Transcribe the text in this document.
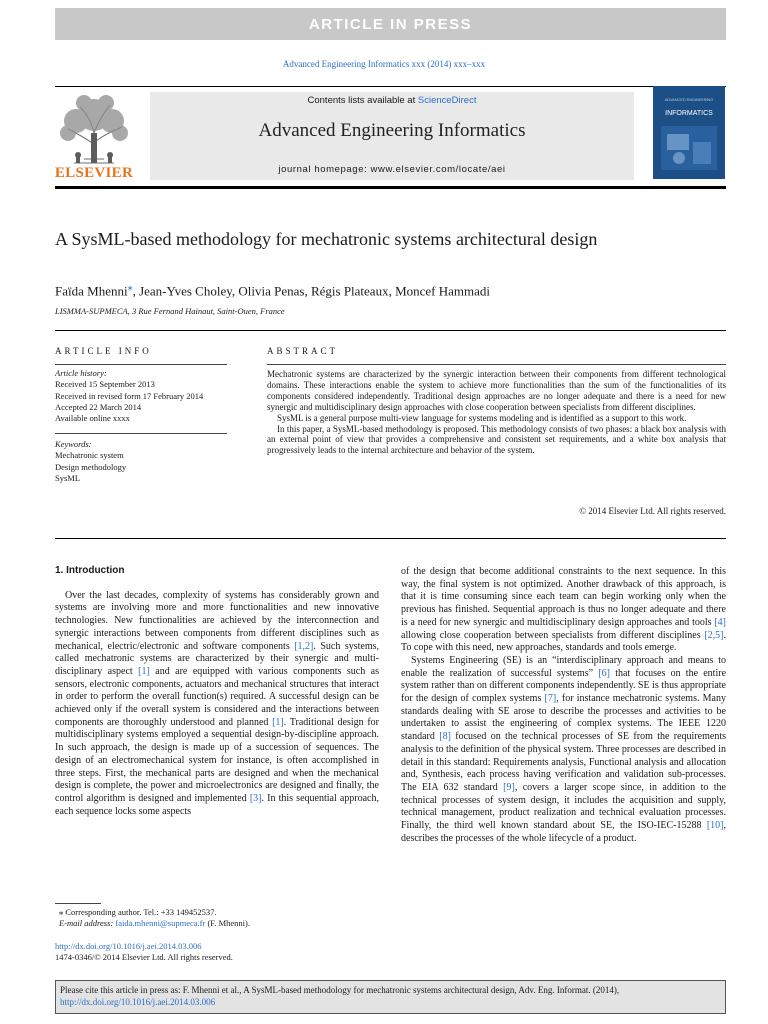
ARTICLE IN PRESS
Advanced Engineering Informatics xxx (2014) xxx–xxx
ELSEVIER
Contents lists available at ScienceDirect
Advanced Engineering Informatics
journal homepage: www.elsevier.com/locate/aei
ADVANCED ENGINEERING
INFORMATICS
A SysML-based methodology for mechatronic systems architectural design
Faïda Mhenni⁎, Jean-Yves Choley, Olivia Penas, Régis Plateaux, Moncef Hammadi
LISMMA-SUPMECA, 3 Rue Fernand Hainaut, Saint-Ouen, France
ARTICLE INFO
Article history:
Received 15 September 2013
Received in revised form 17 February 2014
Accepted 22 March 2014
Available online xxxx
Keywords:
Mechatronic system
Design methodology
SysML
ABSTRACT

Mechatronic systems are characterized by the synergic interaction between their components from different technological domains. These interactions enable the system to achieve more functionalities than the sum of the functionalities of its components considered independently. Traditional design approaches are no longer adequate and there is a need for new synergic and multidisciplinary design approaches with close cooperation between specialists from different disciplines.

SysML is a general purpose multi-view language for systems modeling and is identified as a support to this work.

In this paper, a SysML-based methodology is proposed. This methodology consists of two phases: a black box analysis with an external point of view that provides a comprehensive and consistent set requirements, and a white box analysis that progressively leads to the internal architecture and behavior of the system.

© 2014 Elsevier Ltd. All rights reserved.
1. Introduction

Over the last decades, complexity of systems has considerably grown and systems are involving more and more functionalities and new innovative technologies. New functionalities are achieved by the interconnection and synergic interactions between components from different disciplines such as mechanical, electric/electronic and software components [1,2]. Such systems, called mechatronic systems are characterized by their synergic and multi-disciplinary aspect [1] and are equipped with various components such as sensors, electronic components, actuators and mechanical structures that interact in order to perform the overall function(s) required. A successful design can be achieved only if the overall system is considered and the interactions between components are thoroughly understood and planned [1]. Traditional design for multidisciplinary systems employed a sequential design-by-discipline approach. In such approach, the design is made up of a succession of sequences. The design of an electromechanical system for instance, is often accomplished in three steps. First, the mechanical parts are designed and when the mechanical design is complete, the power and microelectronics are designed and finally, the control algorithm is designed and implemented [3]. In this sequential approach, each sequence locks some aspects

of the design that become additional constraints to the next sequence. In this way, the final system is not optimized. Another drawback of this approach, is that it is time consuming since each team can begin working only when the previous has finished. Sequential approach is thus no longer adequate and there is a need for new synergic and multidisciplinary design approaches and tools [4] allowing close cooperation between specialists from different disciplines [2,5]. To cope with this need, new approaches, standards and tools emerge.

Systems Engineering (SE) is an “interdisciplinary approach and means to enable the realization of successful systems” [6] that focuses on the entire system rather than on different components independently. SE is thus appropriate for the design of complex systems [7], for instance mechatronic systems. Many standards dealing with SE arose to describe the processes and activities to be undertaken to assist the engineering of complex systems. The IEEE 1220 standard [8] focused on the technical processes of SE from the requirements analysis to the definition of the physical system. Three processes are described in detail in this standard: Requirements analysis, Functional analysis and allocation and, Synthesis, each process having verification and validation sub-processes. The EIA 632 standard [9], covers a larger scope since, in addition to the technical processes of system design, it includes the acquisition and supply, technical management, product realization and technical evaluation processes. Finally, the third well known standard about SE, the ISO-IEC-15288 [10], describes the processes of the whole lifecycle of a product.

⁎ Corresponding author. Tel.: +33 149452537.
E-mail address: faida.mhenni@supmeca.fr (F. Mhenni).
http://dx.doi.org/10.1016/j.aei.2014.03.006
1474-0346/© 2014 Elsevier Ltd. All rights reserved.
Please cite this article in press as: F. Mhenni et al., A SysML-based methodology for mechatronic systems architectural design, Adv. Eng. Informat. (2014),
http://dx.doi.org/10.1016/j.aei.2014.03.006
